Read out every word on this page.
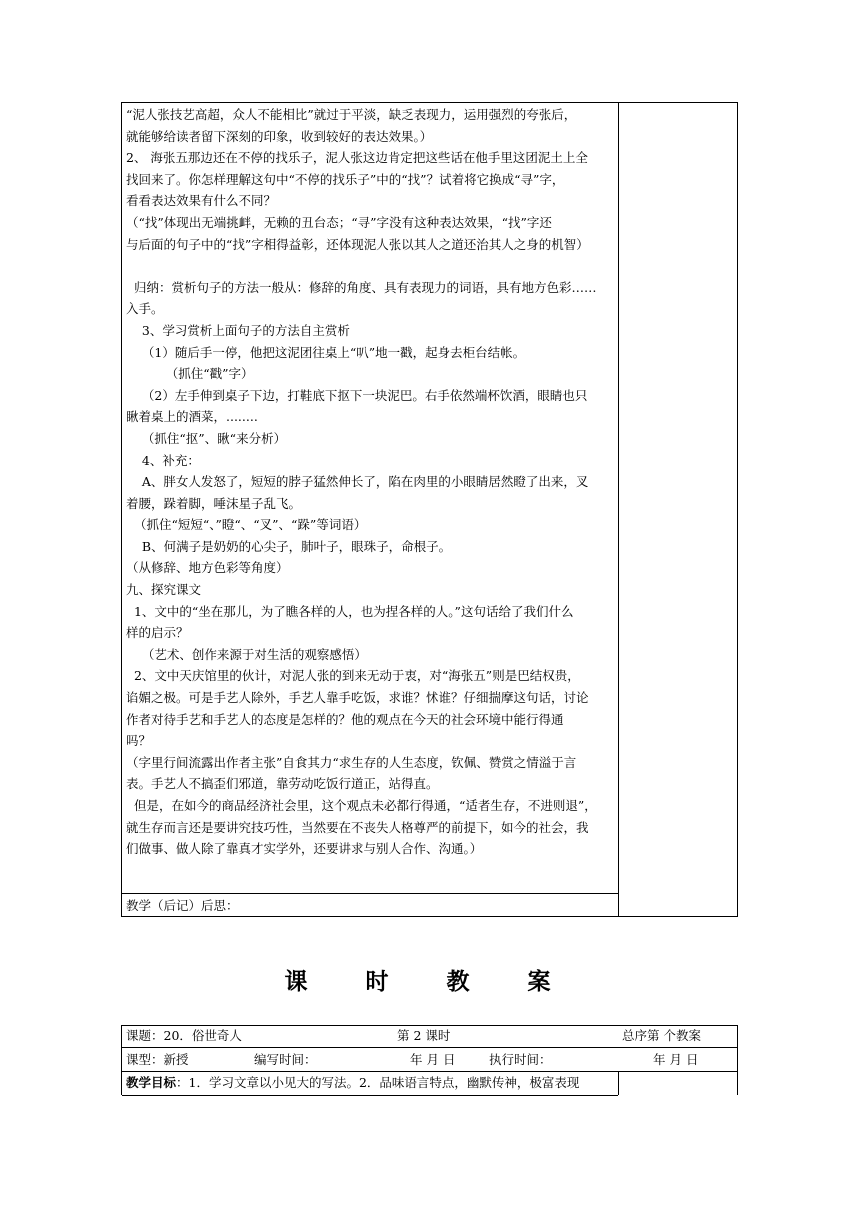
“泥人张技艺高超，众人不能相比”就过于平淡，缺乏表现力，运用强烈的夸张后，

就能够给读者留下深刻的印象，收到较好的表达效果。）

2、 海张五那边还在不停的找乐子，泥人张这边肯定把这些话在他手里这团泥土上全

找回来了。你怎样理解这句中“不停的找乐子”中的“找”？试着将它换成“寻”字，

看看表达效果有什么不同？

（“找”体现出无端挑衅，无赖的丑台态；“寻”字没有这种表达效果，“找”字还

与后面的句子中的“找”字相得益彰，还体现泥人张以其人之道还治其人之身的机智）

归纳：赏析句子的方法一般从：修辞的角度、具有表现力的词语，具有地方色彩……

入手。

3、学习赏析上面句子的方法自主赏析

（1）随后手一停，他把这泥团往桌上“叭”地一戳，起身去柜台结帐。

（抓住“戳”字）

（2）左手伸到桌子下边，打鞋底下抠下一块泥巴。右手依然端杯饮酒，眼睛也只

瞅着桌上的酒菜，........

（抓住“抠”、瞅“来分析）

4、补充：

A、胖女人发怒了，短短的脖子猛然伸长了，陷在肉里的小眼睛居然瞪了出来，叉

着腰，跺着脚，唾沫星子乱飞。

（抓住“短短“、”瞪“、“叉”、“跺”等词语）

B、何满子是奶奶的心尖子，肺叶子，眼珠子，命根子。

（从修辞、地方色彩等角度）

九、探究课文

1、文中的“坐在那儿，为了瞧各样的人，也为捏各样的人。”这句话给了我们什么

样的启示？

（艺术、创作来源于对生活的观察感悟）

2、文中天庆馆里的伙计，对泥人张的到来无动于衷，对“海张五”则是巴结权贵，

谄媚之极。可是手艺人除外，手艺人靠手吃饭，求谁？怵谁？仔细揣摩这句话，讨论

作者对待手艺和手艺人的态度是怎样的？他的观点在今天的社会环境中能行得通

吗？

（字里行间流露出作者主张”自食其力“求生存的人生态度，钦佩、赞赏之情溢于言

表。手艺人不搞歪们邪道，靠劳动吃饭行道正，站得直。

但是，在如今的商品经济社会里，这个观点未必都行得通，“适者生存，不进则退”，

就生存而言还是要讲究技巧性，当然要在不丧失人格尊严的前提下，如今的社会，我

们做事、做人除了靠真才实学外，还要讲求与别人合作、沟通。）

教学（后记）后思：
课 时 教 案
课题：20．俗世奇人	第 2 课时	总序第 个教案
课型：新授	编写时间：	年 月 日	执行时间：	年 月 日
教学目标：1．学习文章以小见大的写法。2．品味语言特点，幽默传神，极富表现
